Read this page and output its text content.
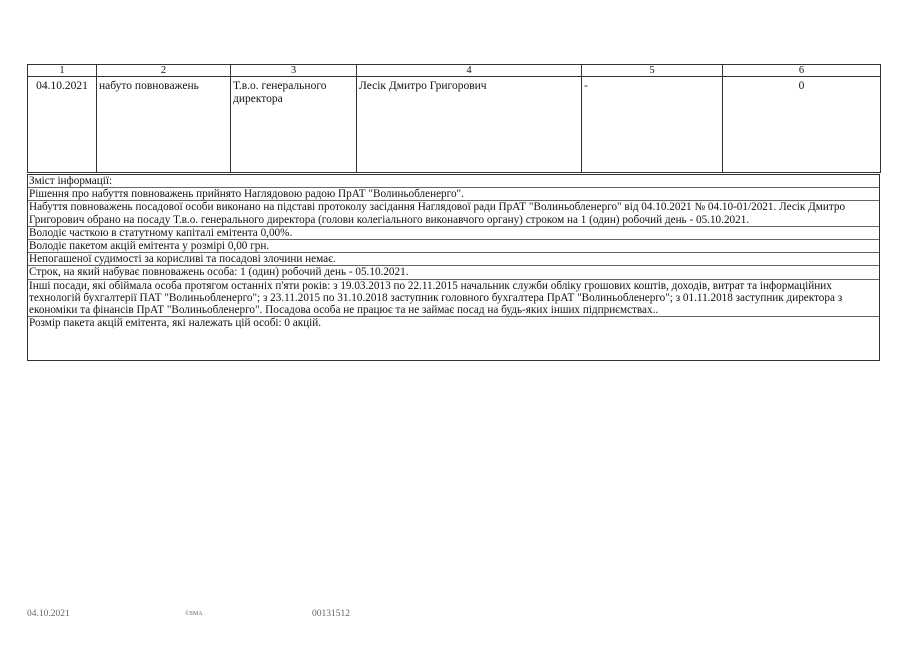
1	2	3	4	5	6
04.10.2021	набуто повноважень	Т.в.о. генерального директора	Лесік Дмитро Григорович	-	0
Зміст інформації:
Рішення про набуття повноважень прийнято Наглядовою радою ПрАТ "Волиньобленерго".
Набуття повноважень посадової особи виконано на підставі протоколу засідання Наглядової ради ПрАТ "Волиньобленерго" від 04.10.2021 № 04.10-01/2021. Лесік Дмитро Григорович обрано на посаду Т.в.о. генерального директора (голови колегіального виконавчого органу) строком на 1 (один) робочий день - 05.10.2021.
Володіє часткою в статутному капіталі емітента 0,00%.
Володіє пакетом акцій емітента у розмірі 0,00 грн.
Непогашеної судимості за корисливі та посадові злочини немає.
Строк, на який набуває повноважень особа: 1 (один) робочий день - 05.10.2021.
Інші посади, які обіймала особа протягом останніх п'яти років: з 19.03.2013 по 22.11.2015 начальник служби обліку грошових коштів, доходів, витрат та інформаційних технологій бухгалтерії ПАТ "Волиньобленерго"; з 23.11.2015 по 31.10.2018 заступник головного бухгалтера ПрАТ "Волиньобленерго"; з 01.11.2018 заступник директора з економіки та фінансів ПрАТ "Волиньобленерго". Посадова особа не працює та не займає посад на будь-яких інших підприємствах..
Розмір пакета акцій емітента, які належать цій особі: 0 акцій.
04.10.2021	©SMA	00131512
